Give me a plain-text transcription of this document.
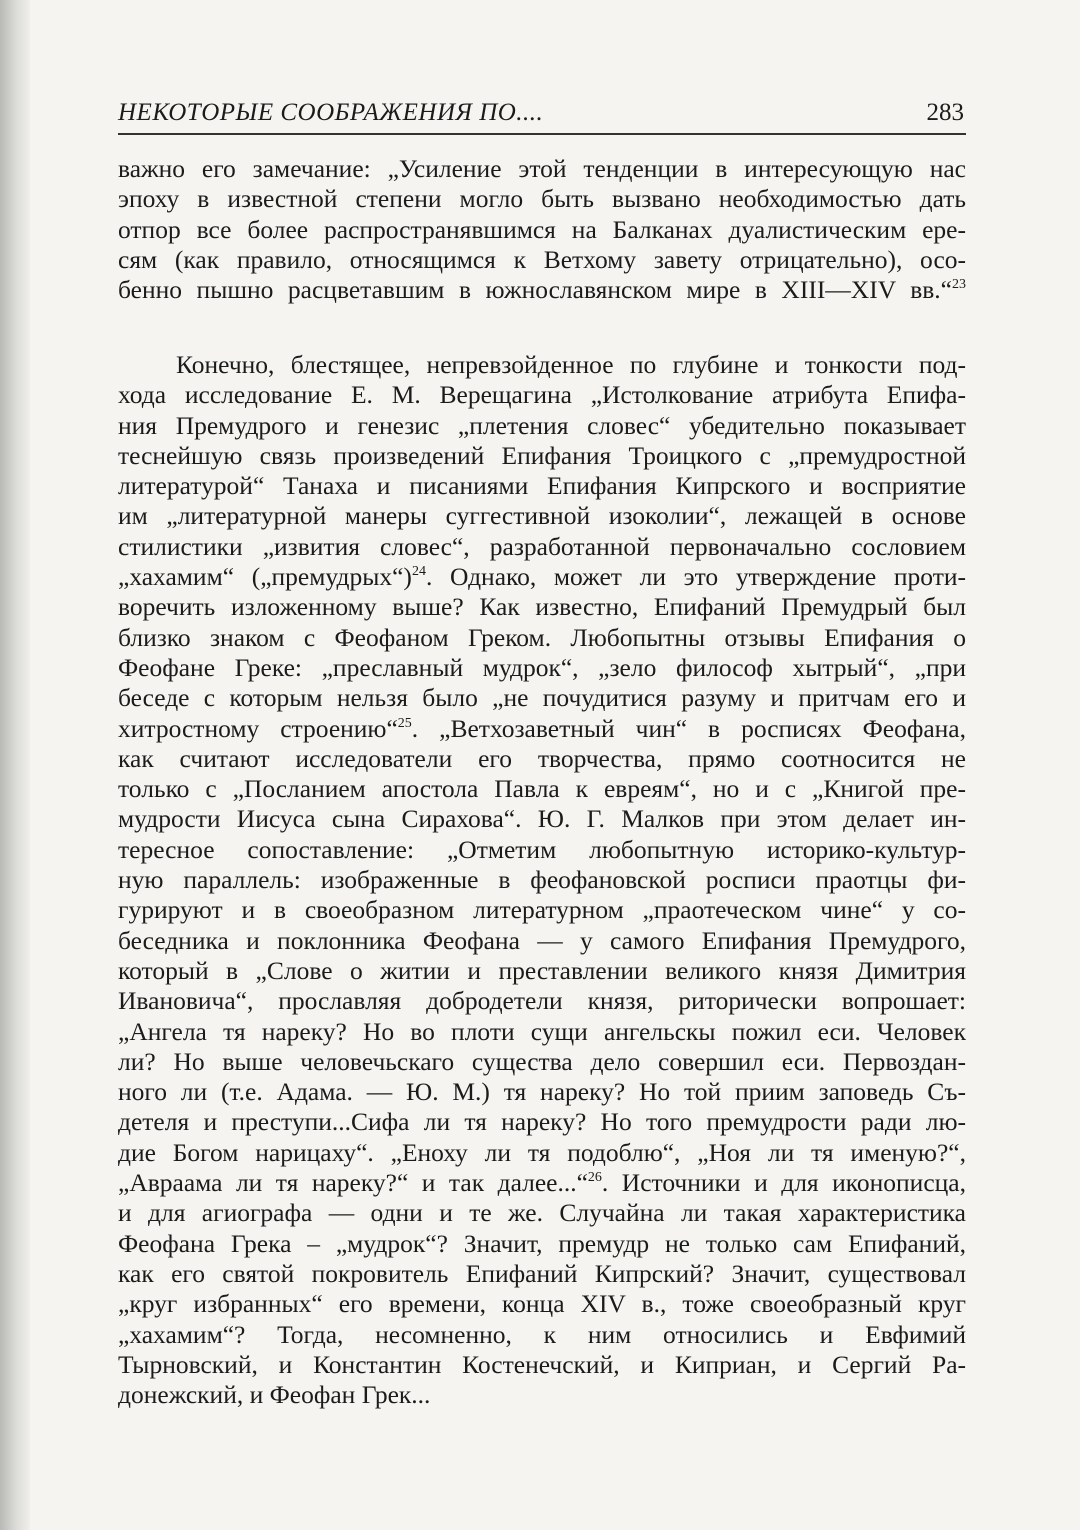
НЕКОТОРЫЕ СООБРАЖЕНИЯ ПО....	283

важно его замечание: „Усиление этой тенденции в интересующую нас
эпоху в известной степени могло быть вызвано необходимостью дать
отпор все более распространявшимся на Балканах дуалистическим ере-
сям (как правило, относящимся к Ветхому завету отрицательно), осо-
бенно пышно расцветавшим в южнославянском мире в XIII—XIV вв.“$^{23}$

Конечно, блестящее, непревзойденное по глубине и тонкости под-
хода исследование Е. М. Верещагина „Истолкование атрибута Епифа-
ния Премудрого и генезис „плетения словес“ убедительно показывает
теснейшую связь произведений Епифания Троицкого с „премудростной
литературой“ Танаха и писаниями Епифания Кипрского и восприятие
им „литературной манеры суггестивной изоколии“, лежащей в основе
стилистики „извития словес“, разработанной первоначально сословием
„хахамим“ („премудрых“)$^{24}$. Однако, может ли это утверждение проти-
воречить изложенному выше? Как известно, Епифаний Премудрый был
близко знаком с Феофаном Греком. Любопытны отзывы Епифания о
Феофане Греке: „преславный мудрок“, „зело философ хытрый“, „при
беседе с которым нельзя было „не почудитися разуму и притчам его и
хитростному строению“$^{25}$. „Ветхозаветный чин“ в росписях Феофана,
как считают исследователи его творчества, прямо соотносится не
только с „Посланием апостола Павла к евреям“, но и с „Книгой пре-
мудрости Иисуса сына Сирахова“. Ю. Г. Малков при этом делает ин-
тересное сопоставление: „Отметим любопытную историко-культур-
ную параллель: изображенные в феофановской росписи праотцы фи-
гурируют и в своеобразном литературном „праотеческом чине“ у со-
беседника и поклонника Феофана — у самого Епифания Премудрого,
который в „Слове о житии и преставлении великого князя Димитрия
Ивановича“, прославляя добродетели князя, риторически вопрошает:
„Ангела тя нареку? Но во плоти сущи ангельскы пожил еси. Человек
ли? Но выше человечьскаго существа дело совершил еси. Первоздан-
ного ли (т.е. Адама. — Ю. М.) тя нареку? Но той приим заповедь Съ-
детеля и преступи...Сифа ли тя нареку? Но того премудрости ради лю-
дие Богом нарицаху“. „Еноху ли тя подоблю“, „Ноя ли тя именую?“,
„Авраама ли тя нареку?“ и так далее...“$^{26}$. Источники и для иконописца,
и для агиографа — одни и те же. Случайна ли такая характеристика
Феофана Грека – „мудрок“? Значит, премудр не только сам Епифаний,
как его святой покровитель Епифаний Кипрский? Значит, существовал
„круг избранных“ его времени, конца XIV в., тоже своеобразный круг
„хахамим“? Тогда, несомненно, к ним относились и Евфимий
Тырновский, и Константин Костенечский, и Киприан, и Сергий Ра-
донежский, и Феофан Грек...
